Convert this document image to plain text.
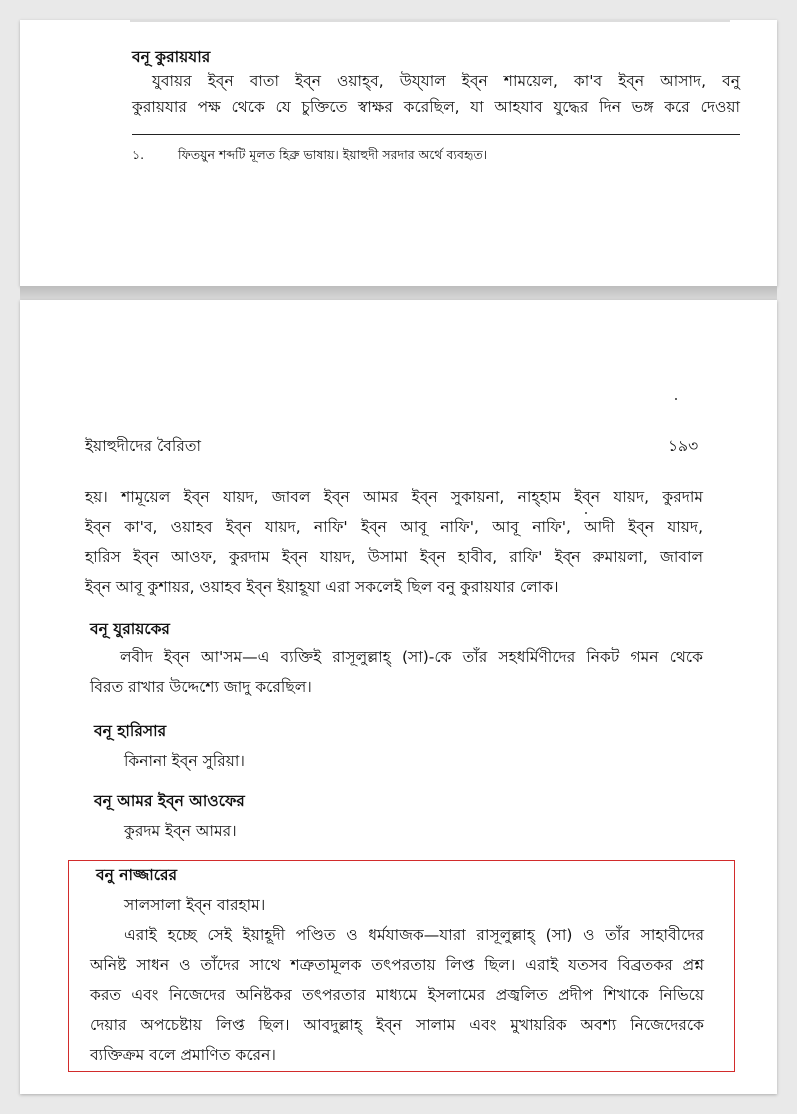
বনূ কুরায়যার
যুবায়র ইব্‌ন বাতা ইব্‌ন ওয়াহ্‌ব, উয্‌যাল ইব্‌ন শাময়েল, কা'ব ইব্‌ন আসাদ, বনু
কুরায়যার পক্ষ থেকে যে চুক্তিতে স্বাক্ষর করেছিল, যা আহযাব যুদ্ধের দিন ভঙ্গ করে দেওয়া
১.	ফিতয়ুন শব্দটি মূলত হিব্রু ভাষায়। ইয়াহুদী সরদার অর্থে ব্যবহৃত।
ইয়াহুদীদের বৈরিতা	১৯৩
হয়। শামূয়েল ইব্‌ন যায়দ, জাবল ইব্‌ন আমর ইব্‌ন সুকায়না, নাহ্‌হাম ইব্‌ন যায়দ, কুরদাম
ইব্‌ন কা'ব, ওয়াহব ইব্‌ন যায়দ, নাফি' ইব্‌ন আবূ নাফি', আবূ নাফি', আদী ইব্‌ন যায়দ,
হারিস ইব্‌ন আওফ, কুরদাম ইব্‌ন যায়দ, উসামা ইব্‌ন হাবীব, রাফি' ইব্‌ন রুমায়লা, জাবাল
ইব্‌ন আবূ কুশায়র, ওয়াহব ইব্‌ন ইয়াহূযা এরা সকলেই ছিল বনু কুরায়যার লোক।
বনূ যুরায়কের
লবীদ ইব্‌ন আ'সম—এ ব্যক্তিই রাসূলুল্লাহ্‌ (সা)-কে তাঁর সহধর্মিণীদের নিকট গমন থেকে
বিরত রাখার উদ্দেশ্যে জাদু করেছিল।
বনূ হারিসার
কিনানা ইব্‌ন সুরিয়া।
বনূ আমর ইব্‌ন আওফের
কুরদম ইব্‌ন আমর।
বনু নাজ্জারের
সালসালা ইব্‌ন বারহাম।
এরাই হচ্ছে সেই ইয়াহূদী পণ্ডিত ও ধর্মযাজক—যারা রাসূলুল্লাহ্‌ (সা) ও তাঁর সাহাবীদের
অনিষ্ট সাধন ও তাঁদের সাথে শত্রুতামূলক তৎপরতায় লিপ্ত ছিল। এরাই যতসব বিব্রতকর প্রশ্ন
করত এবং নিজেদের অনিষ্টকর তৎপরতার মাধ্যমে ইসলামের প্রজ্বলিত প্রদীপ শিখাকে নিভিয়ে
দেয়ার অপচেষ্টায় লিপ্ত ছিল। আবদুল্লাহ্‌ ইব্‌ন সালাম এবং মুখায়রিক অবশ্য নিজেদেরকে
ব্যক্তিক্রম বলে প্রমাণিত করেন।
